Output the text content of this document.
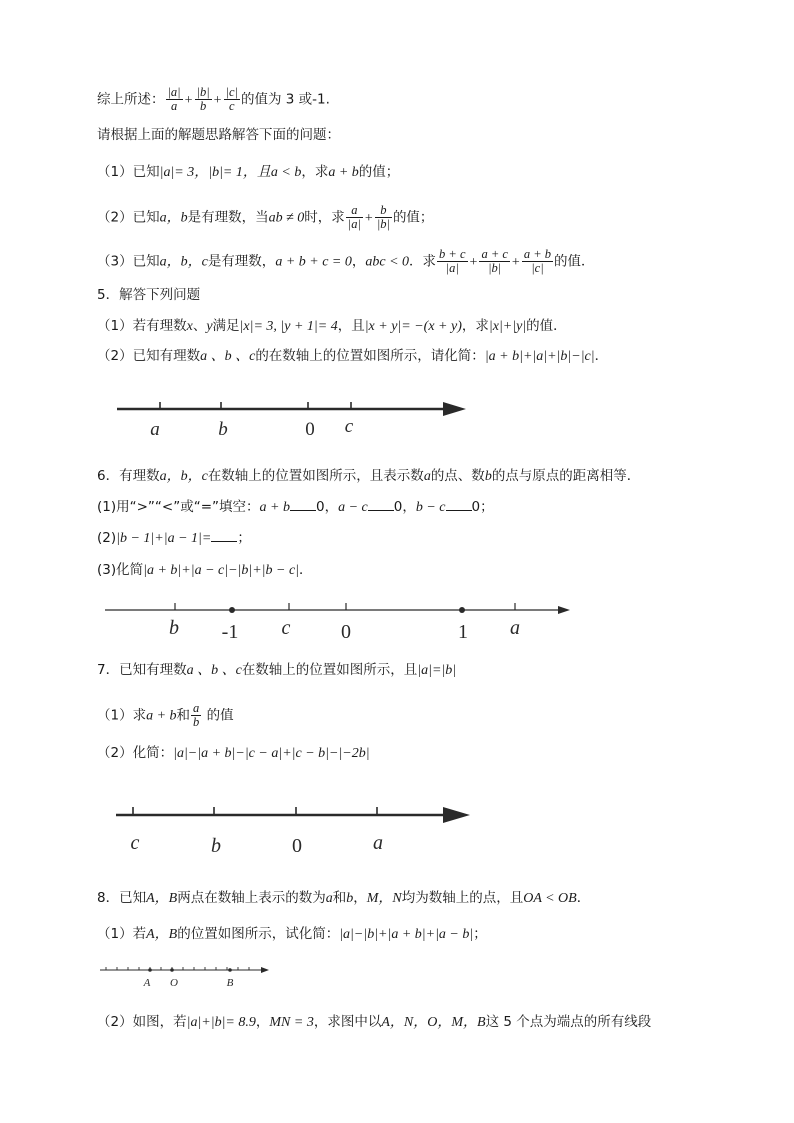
综上所述： $\frac{|a|}{a} + \frac{|b|}{b} + \frac{|c|}{c}$ 的值为 3 或-1.
请根据上面的解题思路解答下面的问题：
（1）已知|a|= 3，|b|= 1，且a < b，求a + b的值；
（2）已知a，b是有理数，当ab ≠ 0时，求 $\frac{a}{|a|} + \frac{b}{|b|}$ 的值；
（3）已知a，b，c是有理数，a + b + c = 0，abc < 0．求 $\frac{b + c}{|a|} + \frac{a + c}{|b|} + \frac{a + b}{|c|}$ 的值．
5．解答下列问题
（1）若有理数x、y满足|x|= 3, |y + 1|= 4，且|x + y|= −(x + y)，求|x|+|y|的值．
（2）已知有理数a 、b 、c的在数轴上的位置如图所示，请化简：|a + b|+|a|+|b|−|c|．
a	b	0 c
b -1 c	0	1 a
c	b	0	a
A O	B
6．有理数a，b，c在数轴上的位置如图所示，且表示数a的点、数b的点与原点的距离相等．
(1)用“>”“<”或“=”填空：a + b 0，a − c 0，b − c 0；
(2)|b − 1|+|a − 1|= ；
(3)化简|a + b|+|a − c|−|b|+|b − c|．
7．已知有理数a 、b 、c在数轴上的位置如图所示，且|a|=|b|
（1）求a + b和 $\frac{a}{b}$ 的值
（2）化简：|a|−|a + b|−|c − a|+|c − b|−|−2b|
8．已知A，B两点在数轴上表示的数为a和b，M，N均为数轴上的点，且OA < OB．
（1）若A，B的位置如图所示，试化简：|a|−|b|+|a + b|+|a − b|；
（2）如图，若|a|+|b|= 8.9，MN = 3，求图中以A，N，O，M，B这 5 个点为端点的所有线段
